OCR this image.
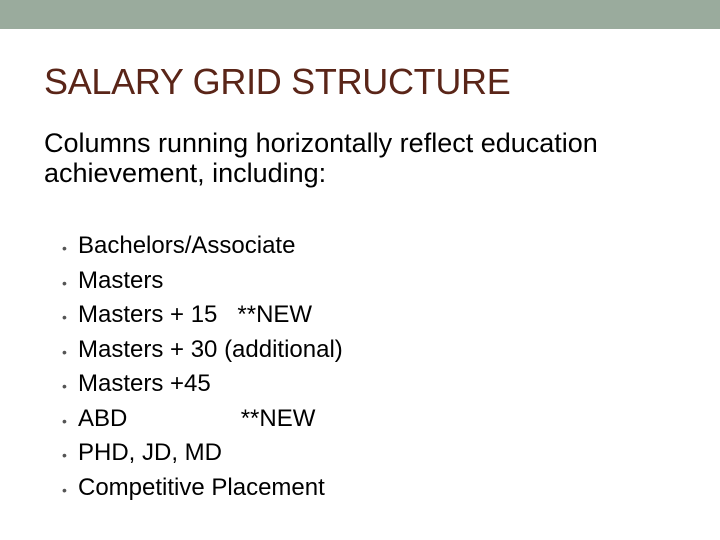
SALARY GRID STRUCTURE
Columns running horizontally reflect education achievement, including:
• Bachelors/Associate
• Masters
• Masters + 15   **NEW
• Masters + 30 (additional)
• Masters +45
• ABD                 **NEW
• PHD, JD, MD
• Competitive Placement
